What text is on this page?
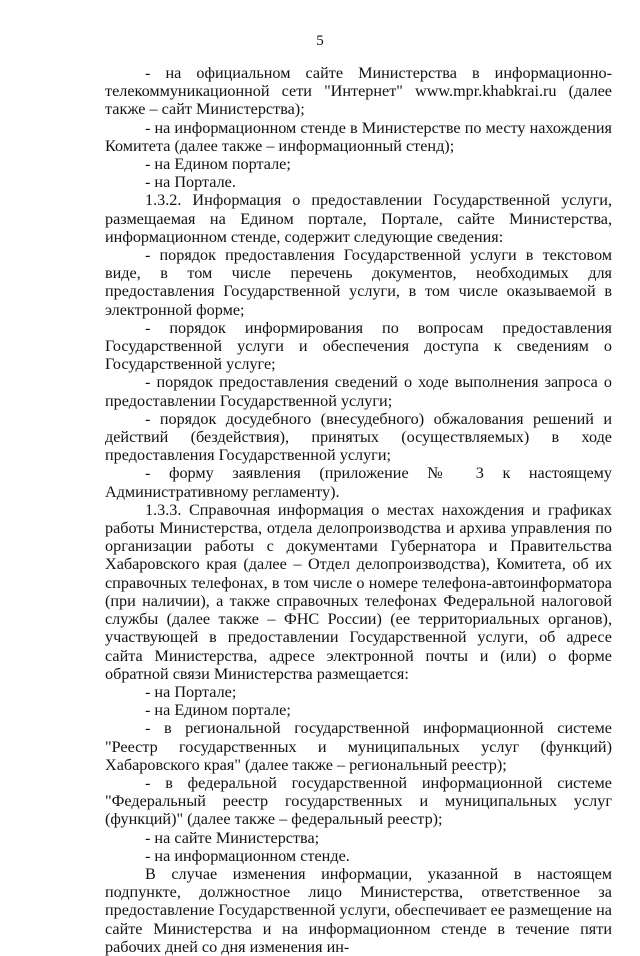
5

- на официальном сайте Министерства в информационно-телекоммуникационной сети "Интернет" www.mpr.khabkrai.ru (далее также – сайт Министерства);

- на информационном стенде в Министерстве по месту нахождения Комитета (далее также – информационный стенд);

- на Едином портале;

- на Портале.

1.3.2. Информация о предоставлении Государственной услуги, размещаемая на Едином портале, Портале, сайте Министерства, информационном стенде, содержит следующие сведения:

- порядок предоставления Государственной услуги в текстовом виде, в том числе перечень документов, необходимых для предоставления Государственной услуги, в том числе оказываемой в электронной форме;

- порядок информирования по вопросам предоставления Государственной услуги и обеспечения доступа к сведениям о Государственной услуге;

- порядок предоставления сведений о ходе выполнения запроса о предоставлении Государственной услуги;

- порядок досудебного (внесудебного) обжалования решений и действий (бездействия), принятых (осуществляемых) в ходе предоставления Государственной услуги;

- форму заявления (приложение № 3 к настоящему Административному регламенту).

1.3.3. Справочная информация о местах нахождения и графиках работы Министерства, отдела делопроизводства и архива управления по организации работы с документами Губернатора и Правительства Хабаровского края (далее – Отдел делопроизводства), Комитета, об их справочных телефонах, в том числе о номере телефона-автоинформатора (при наличии), а также справочных телефонах Федеральной налоговой службы (далее также – ФНС России) (ее территориальных органов), участвующей в предоставлении Государственной услуги, об адресе сайта Министерства, адресе электронной почты и (или) о форме обратной связи Министерства размещается:

- на Портале;

- на Едином портале;

- в региональной государственной информационной системе "Реестр государственных и муниципальных услуг (функций) Хабаровского края" (далее также – региональный реестр);

- в федеральной государственной информационной системе "Федеральный реестр государственных и муниципальных услуг (функций)" (далее также – федеральный реестр);

- на сайте Министерства;

- на информационном стенде.

В случае изменения информации, указанной в настоящем подпункте, должностное лицо Министерства, ответственное за предоставление Государственной услуги, обеспечивает ее размещение на сайте Министерства и на информационном стенде в течение пяти рабочих дней со дня изменения ин-
